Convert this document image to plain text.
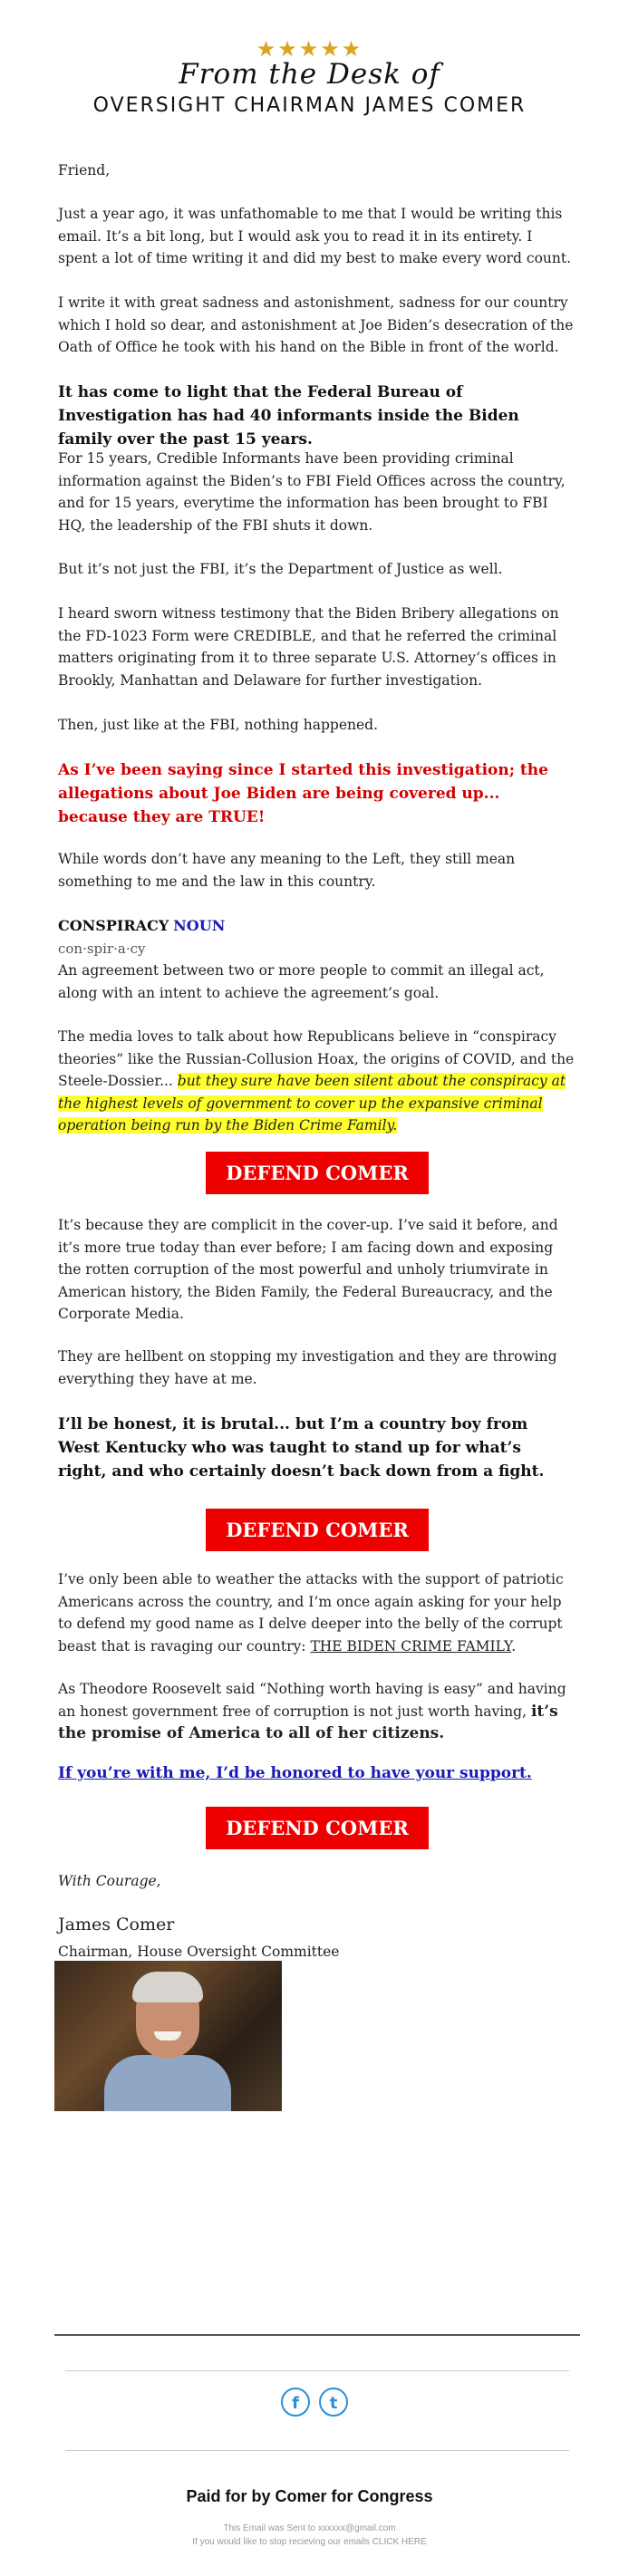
★★★★★
From the Desk of
OVERSIGHT CHAIRMAN JAMES COMER

Friend,

Just a year ago, it was unfathomable to me that I would be writing this email. It’s a bit long, but I would ask you to read it in its entirety. I spent a lot of time writing it and did my best to make every word count.

I write it with great sadness and astonishment, sadness for our country which I hold so dear, and astonishment at Joe Biden’s desecration of the Oath of Office he took with his hand on the Bible in front of the world.

It has come to light that the Federal Bureau of Investigation has had 40 informants inside the Biden family over the past 15 years.

For 15 years, Credible Informants have been providing criminal information against the Biden’s to FBI Field Offices across the country, and for 15 years, everytime the information has been brought to FBI HQ, the leadership of the FBI shuts it down.

But it’s not just the FBI, it’s the Department of Justice as well.

I heard sworn witness testimony that the Biden Bribery allegations on the FD-1023 Form were CREDIBLE, and that he referred the criminal matters originating from it to three separate U.S. Attorney’s offices in Brookly, Manhattan and Delaware for further investigation.

Then, just like at the FBI, nothing happened.

As I’ve been saying since I started this investigation; the allegations about Joe Biden are being covered up... because they are TRUE!

While words don’t have any meaning to the Left, they still mean something to me and the law in this country.

CONSPIRACY NOUN
con·spir·a·cy
An agreement between two or more people to commit an illegal act, along with an intent to achieve the agreement’s goal.

The media loves to talk about how Republicans believe in “conspiracy theories” like the Russian-Collusion Hoax, the origins of COVID, and the Steele-Dossier... but they sure have been silent about the conspiracy at the highest levels of government to cover up the expansive criminal operation being run by the Biden Crime Family.

DEFEND COMER

It’s because they are complicit in the cover-up. I’ve said it before, and it’s more true today than ever before; I am facing down and exposing the rotten corruption of the most powerful and unholy triumvirate in American history, the Biden Family, the Federal Bureaucracy, and the Corporate Media.

They are hellbent on stopping my investigation and they are throwing everything they have at me.

I’ll be honest, it is brutal... but I’m a country boy from West Kentucky who was taught to stand up for what’s right, and who certainly doesn’t back down from a fight.

DEFEND COMER

I’ve only been able to weather the attacks with the support of patriotic Americans across the country, and I’m once again asking for your help to defend my good name as I delve deeper into the belly of the corrupt beast that is ravaging our country: THE BIDEN CRIME FAMILY.

As Theodore Roosevelt said “Nothing worth having is easy” and having an honest government free of corruption is not just worth having, it’s the promise of America to all of her citizens.

If you’re with me, I’d be honored to have your support.
DEFEND COMER

With Courage,

James Comer

Chairman, House Oversight Committee

f	t
Paid for by Comer for Congress
This Email was Sent to xxxxxx@gmail.com
If you would like to stop recieving our emails CLICK HERE
